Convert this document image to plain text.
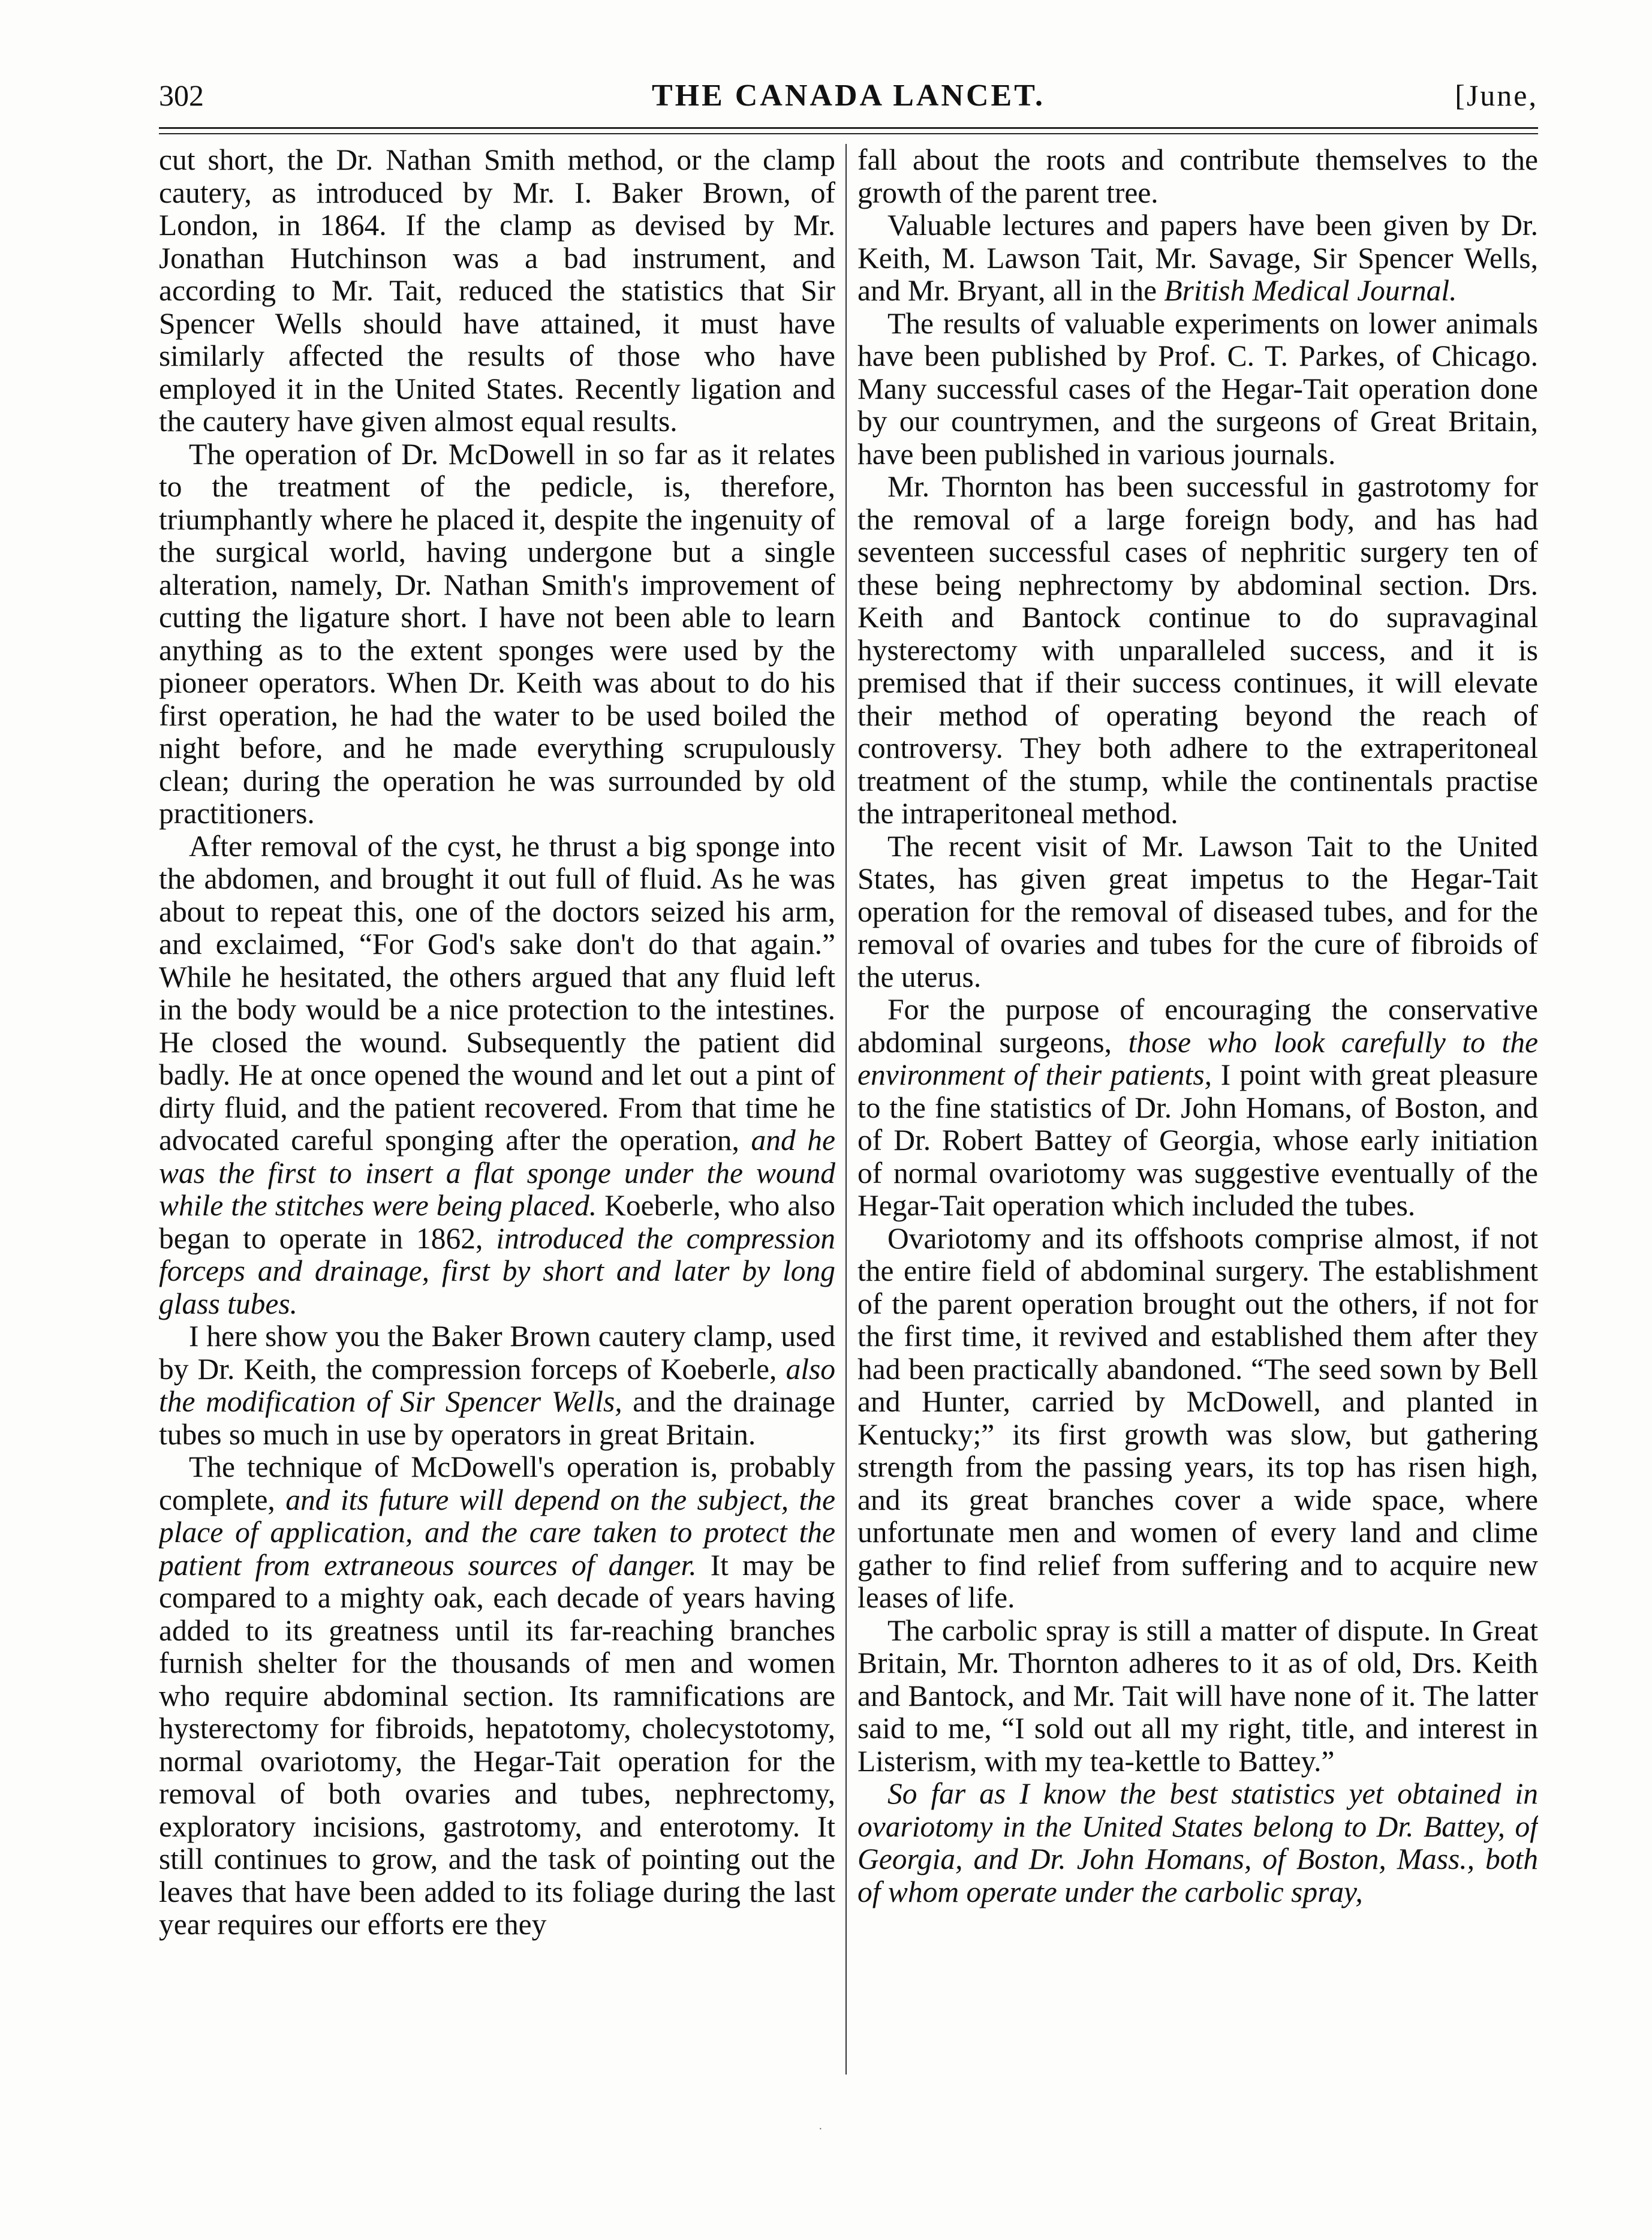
302	THE CANADA LANCET.	[June,

cut short, the Dr. Nathan Smith method, or the clamp cautery, as introduced by Mr. I. Baker Brown, of London, in 1864. If the clamp as devised by Mr. Jonathan Hutchinson was a bad instrument, and according to Mr. Tait, reduced the statistics that Sir Spencer Wells should have attained, it must have similarly affected the results of those who have employed it in the United States. Recently ligation and the cautery have given almost equal results.

The operation of Dr. McDowell in so far as it relates to the treatment of the pedicle, is, therefore, triumphantly where he placed it, despite the ingenuity of the surgical world, having undergone but a single alteration, namely, Dr. Nathan Smith's improvement of cutting the ligature short. I have not been able to learn anything as to the extent sponges were used by the pioneer operators. When Dr. Keith was about to do his first operation, he had the water to be used boiled the night before, and he made everything scrupulously clean; during the operation he was surrounded by old practitioners.

After removal of the cyst, he thrust a big sponge into the abdomen, and brought it out full of fluid. As he was about to repeat this, one of the doctors seized his arm, and exclaimed, “For God's sake don't do that again.” While he hesitated, the others argued that any fluid left in the body would be a nice protection to the intestines. He closed the wound. Subsequently the patient did badly. He at once opened the wound and let out a pint of dirty fluid, and the patient recovered. From that time he advocated careful sponging after the operation, and he was the first to insert a flat sponge under the wound while the stitches were being placed. Koeberle, who also began to operate in 1862, introduced the compression forceps and drainage, first by short and later by long glass tubes.

I here show you the Baker Brown cautery clamp, used by Dr. Keith, the compression forceps of Koeberle, also the modification of Sir Spencer Wells, and the drainage tubes so much in use by operators in great Britain.

The technique of McDowell's operation is, probably complete, and its future will depend on the subject, the place of application, and the care taken to protect the patient from extraneous sources of danger. It may be compared to a mighty oak, each decade of years having added to its greatness until its far-reaching branches furnish shelter for the thousands of men and women who require abdominal section. Its ramnifications are hysterectomy for fibroids, hepatotomy, cholecystotomy, normal ovariotomy, the Hegar-Tait operation for the removal of both ovaries and tubes, nephrectomy, exploratory incisions, gastrotomy, and enterotomy. It still continues to grow, and the task of pointing out the leaves that have been added to its foliage during the last year requires our efforts ere they

fall about the roots and contribute themselves to the growth of the parent tree.

Valuable lectures and papers have been given by Dr. Keith, M. Lawson Tait, Mr. Savage, Sir Spencer Wells, and Mr. Bryant, all in the British Medical Journal.

The results of valuable experiments on lower animals have been published by Prof. C. T. Parkes, of Chicago. Many successful cases of the Hegar-Tait operation done by our countrymen, and the surgeons of Great Britain, have been published in various journals.

Mr. Thornton has been successful in gastrotomy for the removal of a large foreign body, and has had seventeen successful cases of nephritic surgery ten of these being nephrectomy by abdominal section. Drs. Keith and Bantock continue to do supravaginal hysterectomy with unparalleled success, and it is premised that if their success continues, it will elevate their method of operating beyond the reach of controversy. They both adhere to the extraperitoneal treatment of the stump, while the continentals practise the intraperitoneal method.

The recent visit of Mr. Lawson Tait to the United States, has given great impetus to the Hegar-Tait operation for the removal of diseased tubes, and for the removal of ovaries and tubes for the cure of fibroids of the uterus.

For the purpose of encouraging the conservative abdominal surgeons, those who look carefully to the environment of their patients, I point with great pleasure to the fine statistics of Dr. John Homans, of Boston, and of Dr. Robert Battey of Georgia, whose early initiation of normal ovariotomy was suggestive eventually of the Hegar-Tait operation which included the tubes.

Ovariotomy and its offshoots comprise almost, if not the entire field of abdominal surgery. The establishment of the parent operation brought out the others, if not for the first time, it revived and established them after they had been practically abandoned. “The seed sown by Bell and Hunter, carried by McDowell, and planted in Kentucky;” its first growth was slow, but gathering strength from the passing years, its top has risen high, and its great branches cover a wide space, where unfortunate men and women of every land and clime gather to find relief from suffering and to acquire new leases of life.

The carbolic spray is still a matter of dispute. In Great Britain, Mr. Thornton adheres to it as of old, Drs. Keith and Bantock, and Mr. Tait will have none of it. The latter said to me, “I sold out all my right, title, and interest in Listerism, with my tea-kettle to Battey.”

So far as I know the best statistics yet obtained in ovariotomy in the United States belong to Dr. Battey, of Georgia, and Dr. John Homans, of Boston, Mass., both of whom operate under the carbolic spray,

·
